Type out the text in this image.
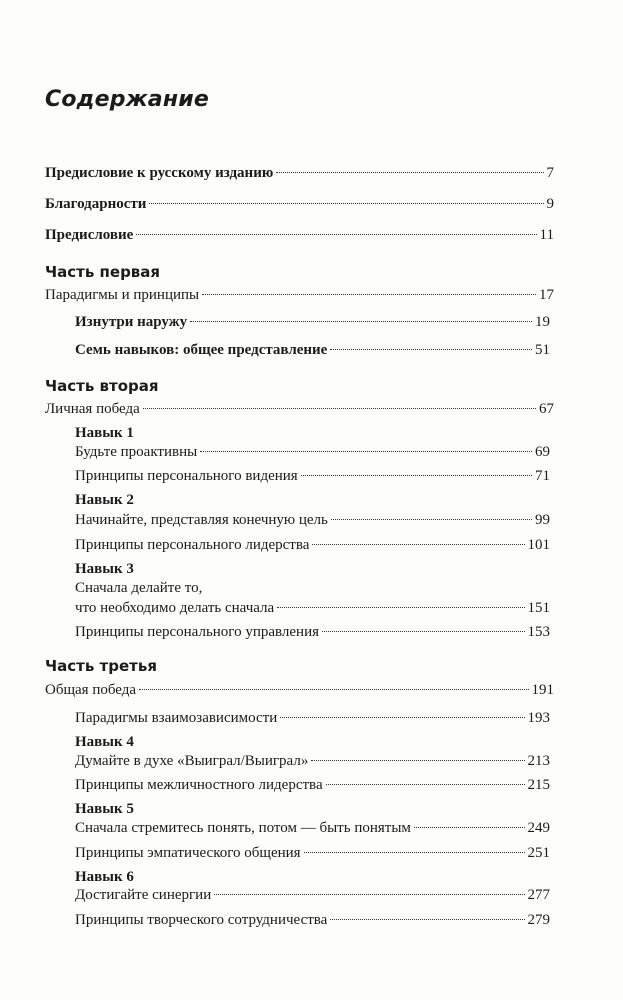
Содержание
Предисловие к русскому изданию	7
Благодарности	9
Предисловие	11
Часть первая
Парадигмы и принципы	17
Изнутри наружу	19
Семь навыков: общее представление	51
Часть вторая
Личная победа	67
Навык 1
Будьте проактивны	69
Принципы персонального видения	71
Навык 2
Начинайте, представляя конечную цель	99
Принципы персонального лидерства	101
Навык 3
Сначала делайте то,
что необходимо делать сначала	151
Принципы персонального управления	153
Часть третья
Общая победа	191
Парадигмы взаимозависимости	193
Навык 4
Думайте в духе «Выиграл/Выиграл»	213
Принципы межличностного лидерства	215
Навык 5
Сначала стремитесь понять, потом — быть понятым	249
Принципы эмпатического общения	251
Навык 6
Достигайте синергии	277
Принципы творческого сотрудничества	279
